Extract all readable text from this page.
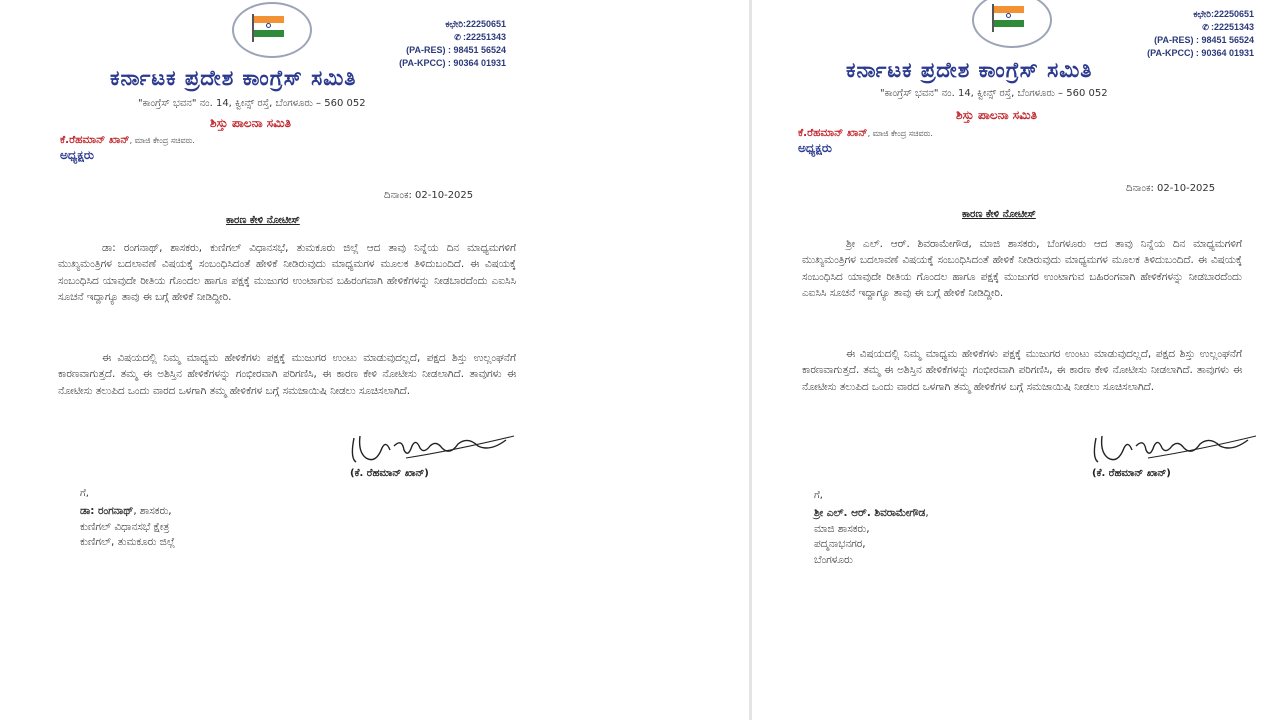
ಕಛೇರಿ:22250651
✆ :22251343
(PA-RES) : 98451 56524
(PA-KPCC) : 90364 01931
ಕರ್ನಾಟಕ ಪ್ರದೇಶ ಕಾಂಗ್ರೆಸ್ ಸಮಿತಿ
"ಕಾಂಗ್ರೆಸ್ ಭವನ" ನಂ. 14, ಕ್ವೀನ್ಸ್ ರಸ್ತೆ, ಬೆಂಗಳೂರು – 560 052
ಶಿಸ್ತು ಪಾಲನಾ ಸಮಿತಿ
ಕೆ.ರೆಹಮಾನ್ ಖಾನ್, ಮಾಜಿ ಕೇಂದ್ರ ಸಚಿವರು.
ಅಧ್ಯಕ್ಷರು
ದಿನಾಂಕ: 02-10-2025
ಕಾರಣ ಕೇಳಿ ನೋಟೀಸ್
ಡಾ: ರಂಗನಾಥ್, ಶಾಸಕರು, ಕುಣಿಗಲ್ ವಿಧಾನಸಭೆ, ತುಮಕೂರು ಜಿಲ್ಲೆ ಆದ ತಾವು ನಿನ್ನೆಯ ದಿನ ಮಾಧ್ಯಮಗಳಿಗೆ ಮುಖ್ಯಮಂತ್ರಿಗಳ ಬದಲಾವಣೆ ವಿಷಯಕ್ಕೆ ಸಂಬಂಧಿಸಿದಂತೆ ಹೇಳಿಕೆ ನೀಡಿರುವುದು ಮಾಧ್ಯಮಗಳ ಮೂಲಕ ತಿಳಿದುಬಂದಿದೆ. ಈ ವಿಷಯಕ್ಕೆ ಸಂಬಂಧಿಸಿದ ಯಾವುದೇ ರೀತಿಯ ಗೊಂದಲ ಹಾಗೂ ಪಕ್ಷಕ್ಕೆ ಮುಜುಗರ ಉಂಟಾಗುವ ಬಹಿರಂಗವಾಗಿ ಹೇಳಿಕೆಗಳನ್ನು ನೀಡಬಾರದೆಂದು ಎಐಸಿಸಿ ಸೂಚನೆ ಇದ್ದಾಗ್ಯೂ ತಾವು ಈ ಬಗ್ಗೆ ಹೇಳಿಕೆ ನೀಡಿದ್ದೀರಿ.
ಈ ವಿಷಯದಲ್ಲಿ ನಿಮ್ಮ ಮಾಧ್ಯಮ ಹೇಳಿಕೆಗಳು ಪಕ್ಷಕ್ಕೆ ಮುಜುಗರ ಉಂಟು ಮಾಡುವುದಲ್ಲದೆ, ಪಕ್ಷದ ಶಿಸ್ತು ಉಲ್ಲಂಘನೆಗೆ ಕಾರಣವಾಗುತ್ತದೆ. ತಮ್ಮ ಈ ಅಶಿಸ್ತಿನ ಹೇಳಿಕೆಗಳನ್ನು ಗಂಭೀರವಾಗಿ ಪರಿಗಣಿಸಿ, ಈ ಕಾರಣ ಕೇಳಿ ನೋಟೀಸು ನೀಡಲಾಗಿದೆ. ತಾವುಗಳು ಈ ನೋಟೀಸು ತಲುಪಿದ ಒಂದು ವಾರದ ಒಳಗಾಗಿ ತಮ್ಮ ಹೇಳಿಕೆಗಳ ಬಗ್ಗೆ ಸಮಜಾಯಿಷಿ ನೀಡಲು ಸೂಚಿಸಲಾಗಿದೆ.
(ಕೆ. ರೆಹಮಾನ್ ಖಾನ್)
ಗೆ,
ಡಾ: ರಂಗನಾಥ್, ಶಾಸಕರು,
ಕುಣಿಗಲ್ ವಿಧಾನಸಭೆ ಕ್ಷೇತ್ರ
ಕುಣಿಗಲ್, ತುಮಕೂರು ಜಿಲ್ಲೆ
ಕಛೇರಿ:22250651
✆ :22251343
(PA-RES) : 98451 56524
(PA-KPCC) : 90364 01931
ಕರ್ನಾಟಕ ಪ್ರದೇಶ ಕಾಂಗ್ರೆಸ್ ಸಮಿತಿ
"ಕಾಂಗ್ರೆಸ್ ಭವನ" ನಂ. 14, ಕ್ವೀನ್ಸ್ ರಸ್ತೆ, ಬೆಂಗಳೂರು – 560 052
ಶಿಸ್ತು ಪಾಲನಾ ಸಮಿತಿ
ಕೆ.ರೆಹಮಾನ್ ಖಾನ್, ಮಾಜಿ ಕೇಂದ್ರ ಸಚಿವರು.
ಅಧ್ಯಕ್ಷರು
ದಿನಾಂಕ: 02-10-2025
ಕಾರಣ ಕೇಳಿ ನೋಟೀಸ್
ಶ್ರೀ ಎಲ್. ಆರ್. ಶಿವರಾಮೇಗೌಡ, ಮಾಜಿ ಶಾಸಕರು, ಬೆಂಗಳೂರು ಆದ ತಾವು ನಿನ್ನೆಯ ದಿನ ಮಾಧ್ಯಮಗಳಿಗೆ ಮುಖ್ಯಮಂತ್ರಿಗಳ ಬದಲಾವಣೆ ವಿಷಯಕ್ಕೆ ಸಂಬಂಧಿಸಿದಂತೆ ಹೇಳಿಕೆ ನೀಡಿರುವುದು ಮಾಧ್ಯಮಗಳ ಮೂಲಕ ತಿಳಿದುಬಂದಿದೆ. ಈ ವಿಷಯಕ್ಕೆ ಸಂಬಂಧಿಸಿದ ಯಾವುದೇ ರೀತಿಯ ಗೊಂದಲ ಹಾಗೂ ಪಕ್ಷಕ್ಕೆ ಮುಜುಗರ ಉಂಟಾಗುವ ಬಹಿರಂಗವಾಗಿ ಹೇಳಿಕೆಗಳನ್ನು ನೀಡಬಾರದೆಂದು ಎಐಸಿಸಿ ಸೂಚನೆ ಇದ್ದಾಗ್ಯೂ ತಾವು ಈ ಬಗ್ಗೆ ಹೇಳಿಕೆ ನೀಡಿದ್ದೀರಿ.
ಈ ವಿಷಯದಲ್ಲಿ ನಿಮ್ಮ ಮಾಧ್ಯಮ ಹೇಳಿಕೆಗಳು ಪಕ್ಷಕ್ಕೆ ಮುಜುಗರ ಉಂಟು ಮಾಡುವುದಲ್ಲದೆ, ಪಕ್ಷದ ಶಿಸ್ತು ಉಲ್ಲಂಘನೆಗೆ ಕಾರಣವಾಗುತ್ತದೆ. ತಮ್ಮ ಈ ಅಶಿಸ್ತಿನ ಹೇಳಿಕೆಗಳನ್ನು ಗಂಭೀರವಾಗಿ ಪರಿಗಣಿಸಿ, ಈ ಕಾರಣ ಕೇಳಿ ನೋಟೀಸು ನೀಡಲಾಗಿದೆ. ತಾವುಗಳು ಈ ನೋಟೀಸು ತಲುಪಿದ ಒಂದು ವಾರದ ಒಳಗಾಗಿ ತಮ್ಮ ಹೇಳಿಕೆಗಳ ಬಗ್ಗೆ ಸಮಜಾಯಿಷಿ ನೀಡಲು ಸೂಚಿಸಲಾಗಿದೆ.
(ಕೆ. ರೆಹಮಾನ್ ಖಾನ್)
ಗೆ,
ಶ್ರೀ ಎಲ್. ಆರ್. ಶಿವರಾಮೇಗೌಡ,
ಮಾಜಿ ಶಾಸಕರು,
ಪದ್ಮನಾಭನಗರ,
ಬೆಂಗಳೂರು
